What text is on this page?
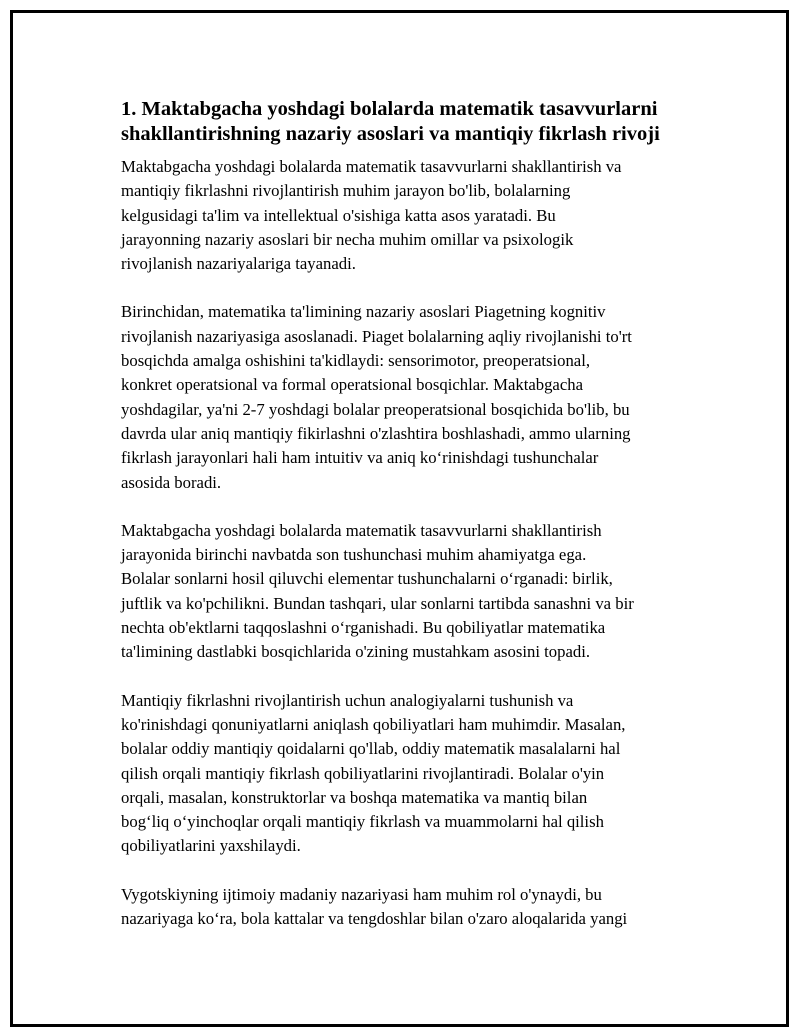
1. Maktabgacha yoshdagi bolalarda matematik tasavvurlarni
shakllantirishning nazariy asoslari va mantiqiy fikrlash rivoji
Maktabgacha yoshdagi bolalarda matematik tasavvurlarni shakllantirish va
mantiqiy fikrlashni rivojlantirish muhim jarayon bo'lib, bolalarning
kelgusidagi ta'lim va intellektual o'sishiga katta asos yaratadi. Bu
jarayonning nazariy asoslari bir necha muhim omillar va psixologik
rivojlanish nazariyalariga tayanadi.
Birinchidan, matematika ta'limining nazariy asoslari Piagetning kognitiv
rivojlanish nazariyasiga asoslanadi. Piaget bolalarning aqliy rivojlanishi to'rt
bosqichda amalga oshishini ta'kidlaydi: sensorimotor, preoperatsional,
konkret operatsional va formal operatsional bosqichlar. Maktabgacha
yoshdagilar, ya'ni 2-7 yoshdagi bolalar preoperatsional bosqichida bo'lib, bu
davrda ular aniq mantiqiy fikirlashni o'zlashtira boshlashadi, ammo ularning
fikrlash jarayonlari hali ham intuitiv va aniq ko‘rinishdagi tushunchalar
asosida boradi.
Maktabgacha yoshdagi bolalarda matematik tasavvurlarni shakllantirish
jarayonida birinchi navbatda son tushunchasi muhim ahamiyatga ega.
Bolalar sonlarni hosil qiluvchi elementar tushunchalarni o‘rganadi: birlik,
juftlik va ko'pchilikni. Bundan tashqari, ular sonlarni tartibda sanashni va bir
nechta ob'ektlarni taqqoslashni o‘rganishadi. Bu qobiliyatlar matematika
ta'limining dastlabki bosqichlarida o'zining mustahkam asosini topadi.
Mantiqiy fikrlashni rivojlantirish uchun analogiyalarni tushunish va
ko'rinishdagi qonuniyatlarni aniqlash qobiliyatlari ham muhimdir. Masalan,
bolalar oddiy mantiqiy qoidalarni qo'llab, oddiy matematik masalalarni hal
qilish orqali mantiqiy fikrlash qobiliyatlarini rivojlantiradi. Bolalar o'yin
orqali, masalan, konstruktorlar va boshqa matematika va mantiq bilan
bog‘liq o‘yinchoqlar orqali mantiqiy fikrlash va muammolarni hal qilish
qobiliyatlarini yaxshilaydi.
Vygotskiyning ijtimoiy madaniy nazariyasi ham muhim rol o'ynaydi, bu
nazariyaga ko‘ra, bola kattalar va tengdoshlar bilan o'zaro aloqalarida yangi
